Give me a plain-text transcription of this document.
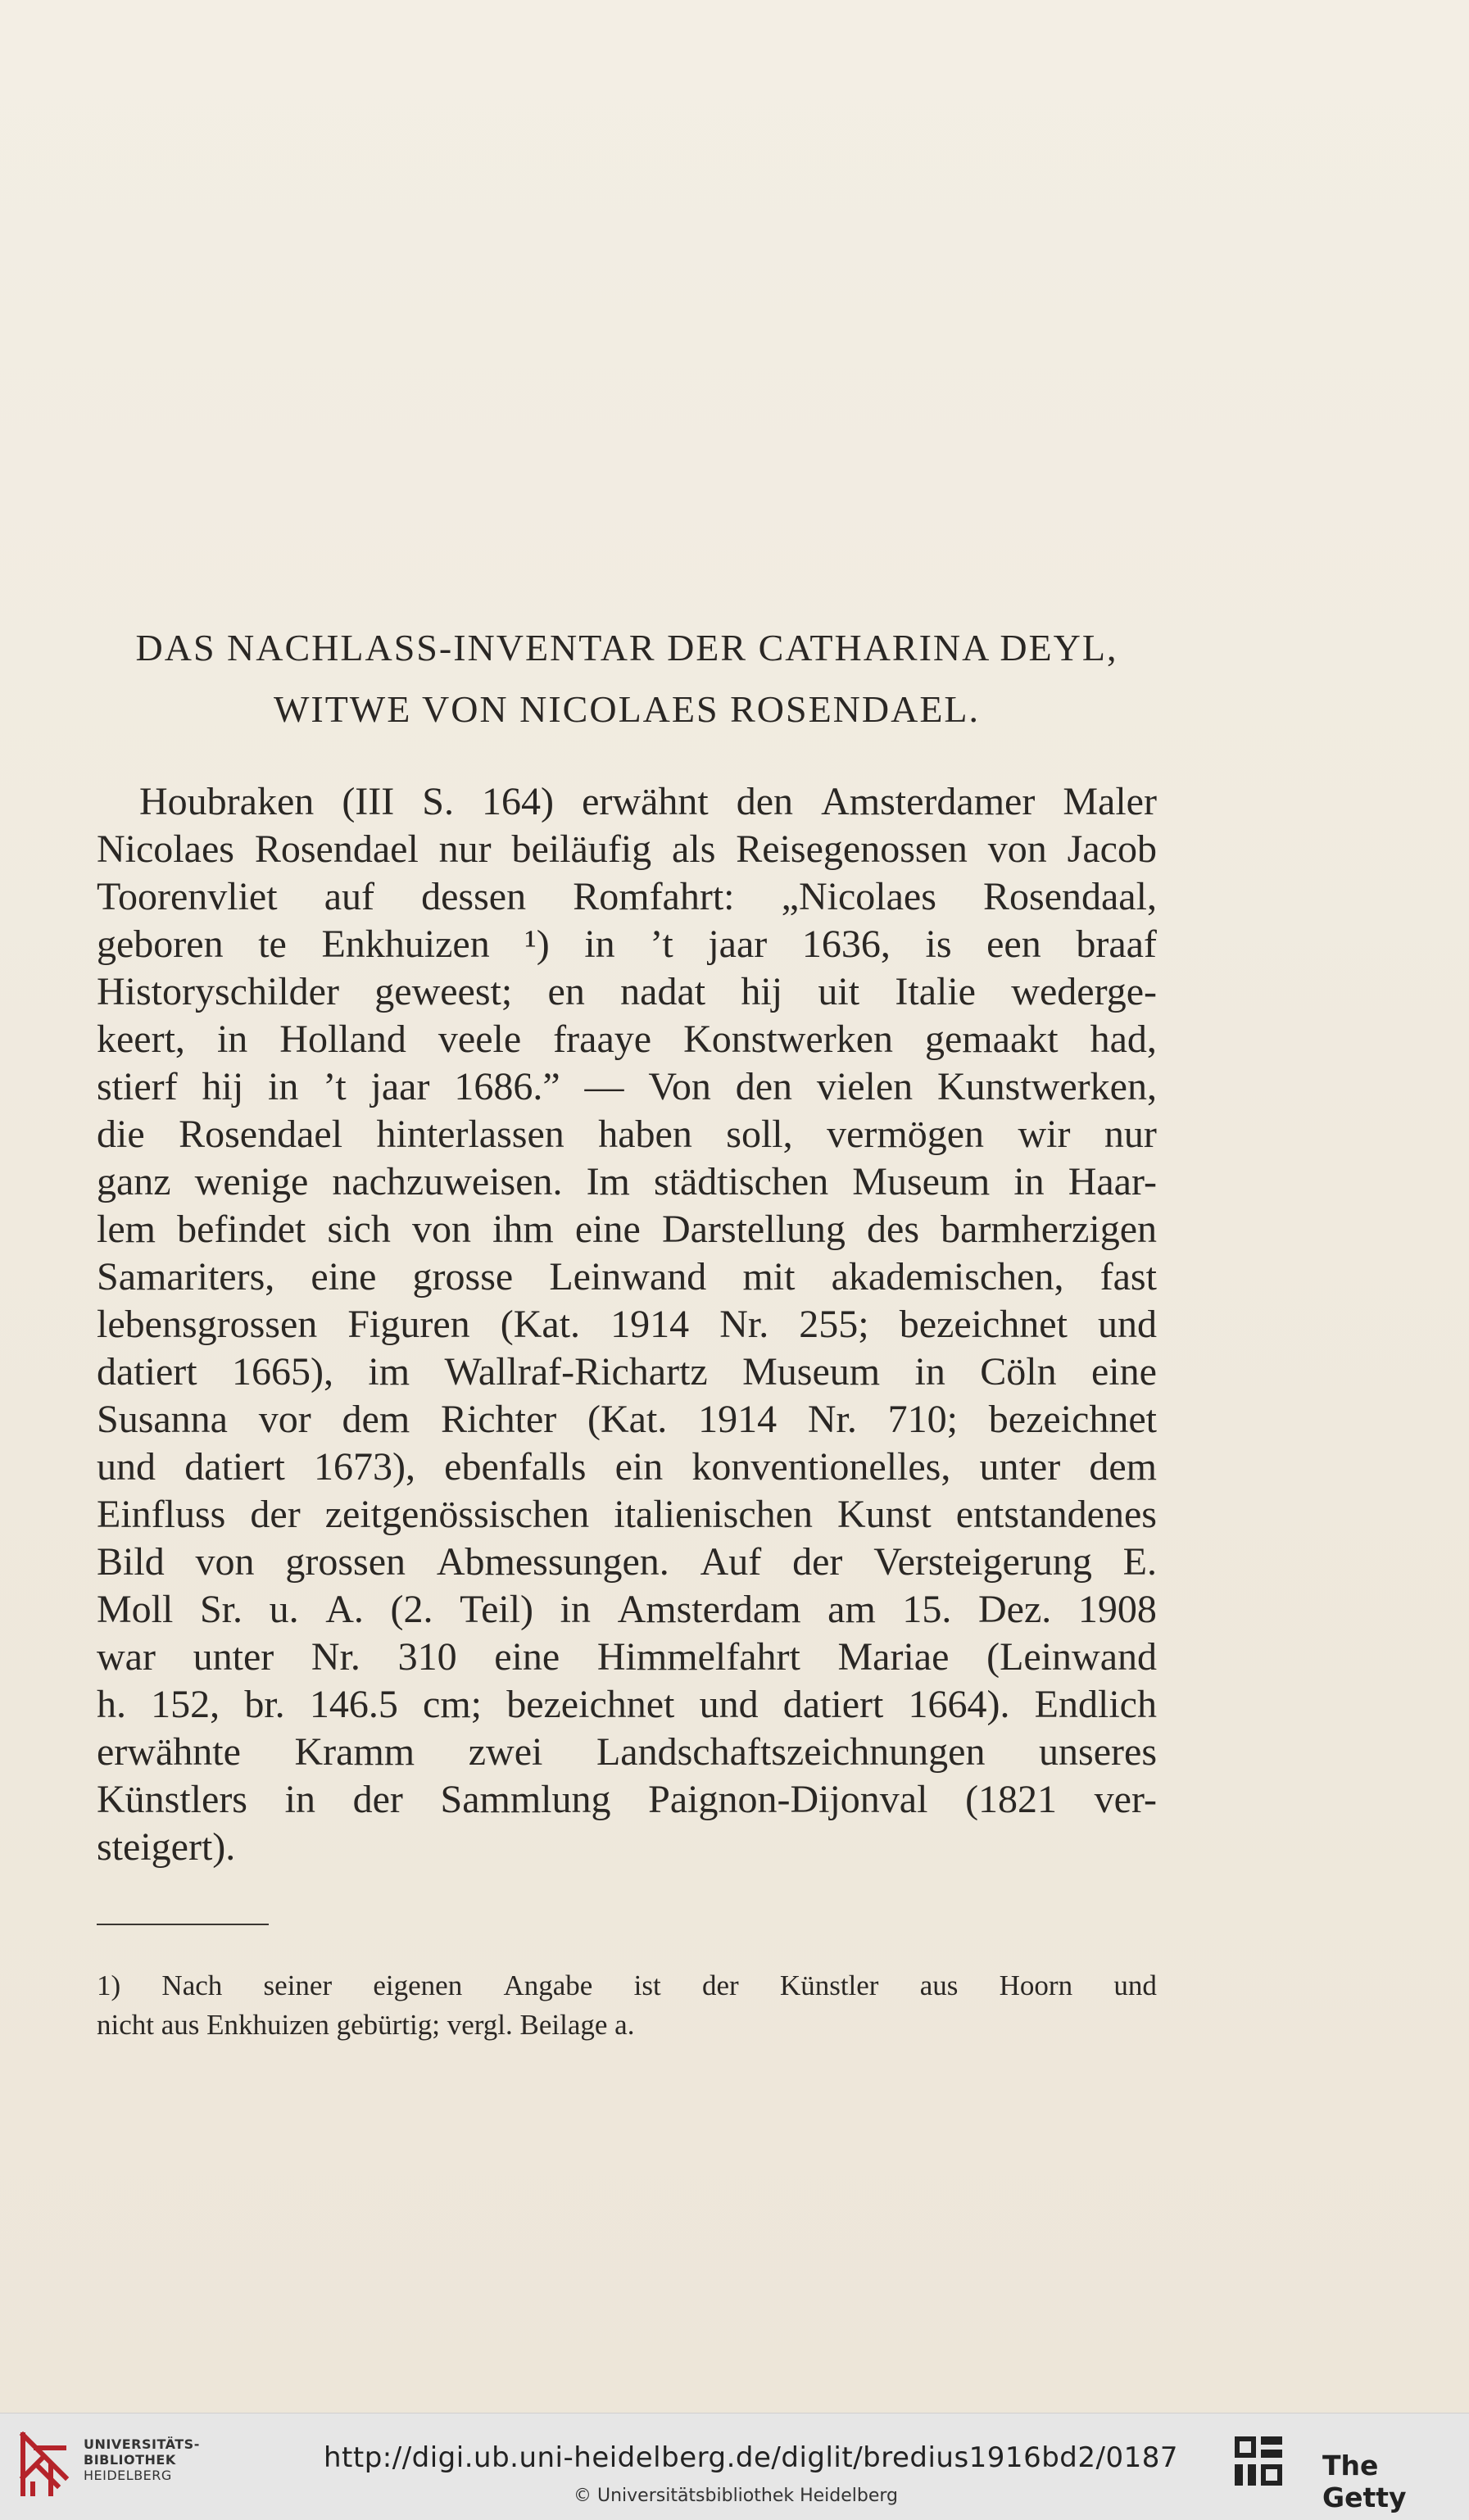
DAS NACHLASS-INVENTAR DER CATHARINA DEYL,
WITWE VON NICOLAES ROSENDAEL.
Houbraken (III S. 164) erwähnt den Amsterdamer Maler
Nicolaes Rosendael nur beiläufig als Reisegenossen von Jacob
Toorenvliet auf dessen Romfahrt: „Nicolaes Rosendaal,
geboren te Enkhuizen ¹) in ’t jaar 1636, is een braaf
Historyschilder geweest; en nadat hij uit Italie wederge-
keert, in Holland veele fraaye Konstwerken gemaakt had,
stierf hij in ’t jaar 1686.” — Von den vielen Kunstwerken,
die Rosendael hinterlassen haben soll, vermögen wir nur
ganz wenige nachzuweisen. Im städtischen Museum in Haar-
lem befindet sich von ihm eine Darstellung des barmherzigen
Samariters, eine grosse Leinwand mit akademischen, fast
lebensgrossen Figuren (Kat. 1914 Nr. 255; bezeichnet und
datiert 1665), im Wallraf-Richartz Museum in Cöln eine
Susanna vor dem Richter (Kat. 1914 Nr. 710; bezeichnet
und datiert 1673), ebenfalls ein konventionelles, unter dem
Einfluss der zeitgenössischen italienischen Kunst entstandenes
Bild von grossen Abmessungen. Auf der Versteigerung E.
Moll Sr. u. A. (2. Teil) in Amsterdam am 15. Dez. 1908
war unter Nr. 310 eine Himmelfahrt Mariae (Leinwand
h. 152, br. 146.5 cm; bezeichnet und datiert 1664). Endlich
erwähnte Kramm zwei Landschaftszeichnungen unseres
Künstlers in der Sammlung Paignon-Dijonval (1821 ver-
steigert).
1) Nach seiner eigenen Angabe ist der Künstler aus Hoorn und
nicht aus Enkhuizen gebürtig; vergl. Beilage a.
UNIVERSITÄTS-
BIBLIOTHEK
HEIDELBERG
http://digi.ub.uni-heidelberg.de/diglit/bredius1916bd2/0187
© Universitätsbibliothek Heidelberg
The Getty
